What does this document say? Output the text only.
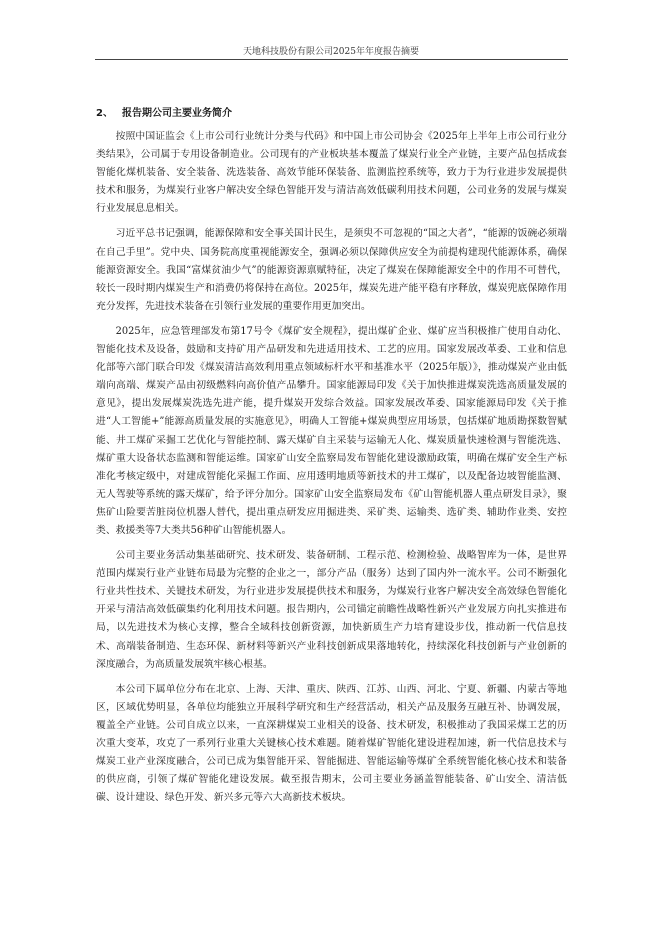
天地科技股份有限公司2025年年度报告摘要
2、 报告期公司主要业务简介

按照中国证监会《上市公司行业统计分类与代码》和中国上市公司协会《2025年上半年上市公司行业分类结果》，公司属于专用设备制造业。公司现有的产业板块基本覆盖了煤炭行业全产业链，主要产品包括成套智能化煤机装备、安全装备、洗选装备、高效节能环保装备、监测监控系统等，致力于为行业进步发展提供技术和服务，为煤炭行业客户解决安全绿色智能开发与清洁高效低碳利用技术问题，公司业务的发展与煤炭行业发展息息相关。

习近平总书记强调，能源保障和安全事关国计民生，是须臾不可忽视的“国之大者”，“能源的饭碗必须端在自己手里”。党中央、国务院高度重视能源安全，强调必须以保障供应安全为前提构建现代能源体系，确保能源资源安全。我国“富煤贫油少气”的能源资源禀赋特征，决定了煤炭在保障能源安全中的作用不可替代，较长一段时期内煤炭生产和消费仍将保持在高位。2025年，煤炭先进产能平稳有序释放，煤炭兜底保障作用充分发挥，先进技术装备在引领行业发展的重要作用更加突出。

2025年，应急管理部发布第17号令《煤矿安全规程》，提出煤矿企业、煤矿应当积极推广使用自动化、智能化技术及设备，鼓励和支持矿用产品研发和先进适用技术、工艺的应用。国家发展改革委、工业和信息化部等六部门联合印发《煤炭清洁高效利用重点领域标杆水平和基准水平（2025年版）》，推动煤炭产业由低端向高端、煤炭产品由初级燃料向高价值产品攀升。国家能源局印发《关于加快推进煤炭洗选高质量发展的意见》，提出发展煤炭洗选先进产能，提升煤炭开发综合效益。国家发展改革委、国家能源局印发《关于推进“人工智能+”能源高质量发展的实施意见》，明确人工智能+煤炭典型应用场景，包括煤矿地质勘探数智赋能、井工煤矿采掘工艺优化与智能控制、露天煤矿自主采装与运输无人化、煤炭质量快速检测与智能洗选、煤矿重大设备状态监测和智能运维。国家矿山安全监察局发布智能化建设激励政策，明确在煤矿安全生产标准化考核定级中，对建成智能化采掘工作面、应用透明地质等新技术的井工煤矿，以及配备边坡智能监测、无人驾驶等系统的露天煤矿，给予评分加分。国家矿山安全监察局发布《矿山智能机器人重点研发目录》，聚焦矿山险要苦脏岗位机器人替代，提出重点研发应用掘进类、采矿类、运输类、选矿类、辅助作业类、安控类、救援类等7大类共56种矿山智能机器人。

公司主要业务活动集基础研究、技术研发、装备研制、工程示范、检测检验、战略智库为一体，是世界范围内煤炭行业产业链布局最为完整的企业之一，部分产品（服务）达到了国内外一流水平。公司不断强化行业共性技术、关键技术研发，为行业进步发展提供技术和服务，为煤炭行业客户解决安全高效绿色智能化开采与清洁高效低碳集约化利用技术问题。报告期内，公司锚定前瞻性战略性新兴产业发展方向扎实推进布局，以先进技术为核心支撑，整合全域科技创新资源，加快新质生产力培育建设步伐，推动新一代信息技术、高端装备制造、生态环保、新材料等新兴产业科技创新成果落地转化，持续深化科技创新与产业创新的深度融合，为高质量发展筑牢核心根基。

本公司下属单位分布在北京、上海、天津、重庆、陕西、江苏、山西、河北、宁夏、新疆、内蒙古等地区，区域优势明显，各单位均能独立开展科学研究和生产经营活动，相关产品及服务互融互补、协调发展，覆盖全产业链。公司自成立以来，一直深耕煤炭工业相关的设备、技术研发，积极推动了我国采煤工艺的历次重大变革，攻克了一系列行业重大关键核心技术难题。随着煤矿智能化建设进程加速，新一代信息技术与煤炭工业产业深度融合，公司已成为集智能开采、智能掘进、智能运输等煤矿全系统智能化核心技术和装备的供应商，引领了煤矿智能化建设发展。截至报告期末，公司主要业务涵盖智能装备、矿山安全、清洁低碳、设计建设、绿色开发、新兴多元等六大高新技术板块。
